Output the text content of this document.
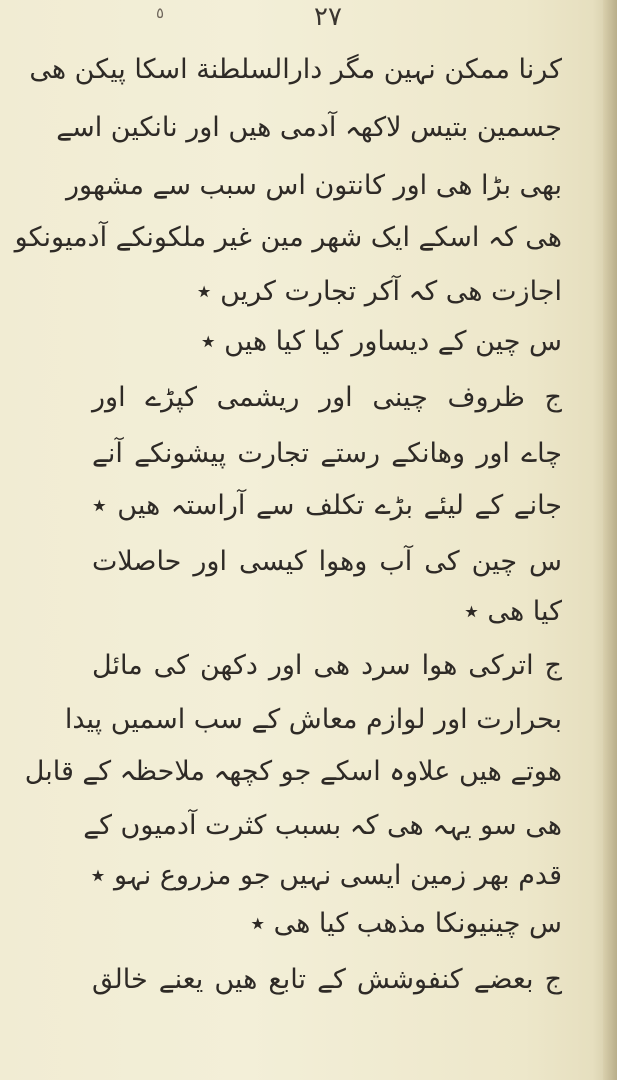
٥	۲۷
کرنا ممکن نہین مگر دارالسلطنة اسکا پیکن ھی
جسمین بتیس لاکھہ آدمی ھیں اور نانکین اسے
بھی بڑا ھی اور کانتون اس سبب سے مشھور
ھی کہ اسکے ایک شھر مین غیر ملکونکے آدمیونکو
اجازت ھی کہ آکر تجارت کریں ٭
س چین کے دیساور کیا کیا ھیں ٭
ج ظروف چینی اور ریشمی کپڑے اور
چاے اور وھانکے رستے تجارت پیشونکے آنے
جانے کے لیئے بڑے تکلف سے آراستہ ھیں ٭
س چین کی آب وھوا کیسی اور حاصلات
کیا ھی ٭
ج اترکی ھوا سرد ھی اور دکھن کی مائل
بحرارت اور لوازم معاش کے سب اسمیں پیدا
ھوتے ھیں علاوہ اسکے جو کچھہ ملاحظہ کے قابل
ھی سو یہہ ھی کہ بسبب کثرت آدمیوں کے
قدم بھر زمین ایسی نہیں جو مزروع نہو ٭
س چینیونکا مذھب کیا ھی ٭
ج بعضے کنفوشش کے تابع ھیں یعنے خالق
